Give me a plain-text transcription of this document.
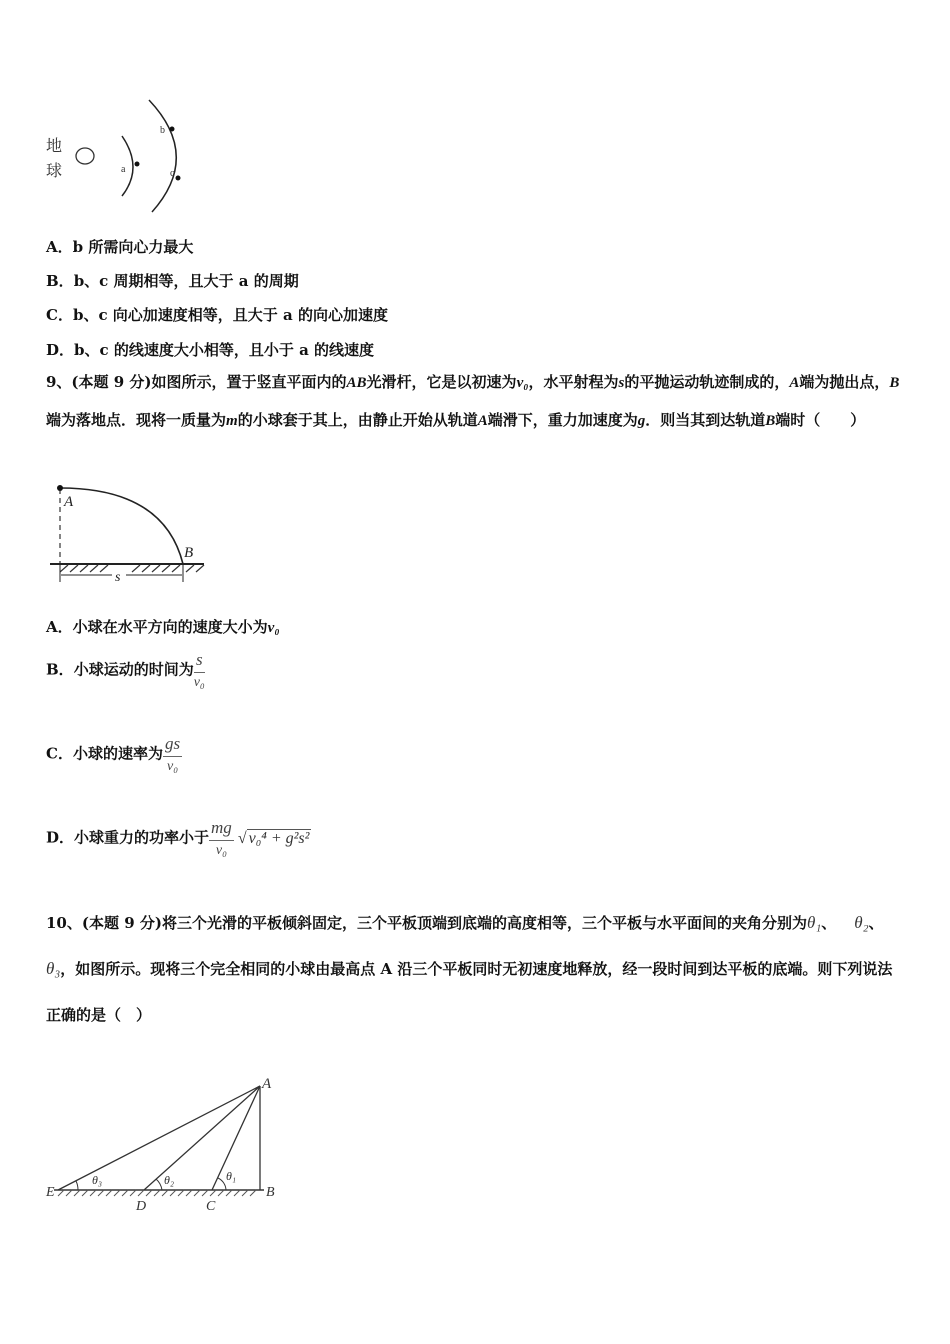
地
球	a
b
c
A．b 所需向心力最大
B．b、c 周期相等，且大于 a 的周期
C．b、c 向心加速度相等，且大于 a 的向心加速度
D．b、c 的线速度大小相等，且小于 a 的线速度
9、(本题 9 分)如图所示，置于竖直平面内的AB光滑杆，它是以初速为v₀，水平射程为s的平抛运动轨迹制成的，A端为抛出点，B端为落地点．现将一质量为m的小球套于其上，由静止开始从轨道A端滑下，重力加速度为g．则当其到达轨道B端时（　　）
A
B
s
A．小球在水平方向的速度大小为v₀
B．小球运动的时间为 $\frac{s}{\text{v₀}}$
C．小球的速率为 $\frac{gs}{\text{v₀}}$
D．小球重力的功率小于 $\frac{mg}{\text{v₀}}$ √ v₀⁴ + g²s²
10、(本题 9 分)将三个光滑的平板倾斜固定，三个平板顶端到底端的高度相等，三个平板与水平面间的夹角分别为θ₁、 θ₂、θ₃，如图所示。现将三个完全相同的小球由最高点 A 沿三个平板同时无初速度地释放，经一段时间到达平板的底端。则下列说法正确的是（　）
θ₃	θ₂	θ₁
A
B
C
D
E
